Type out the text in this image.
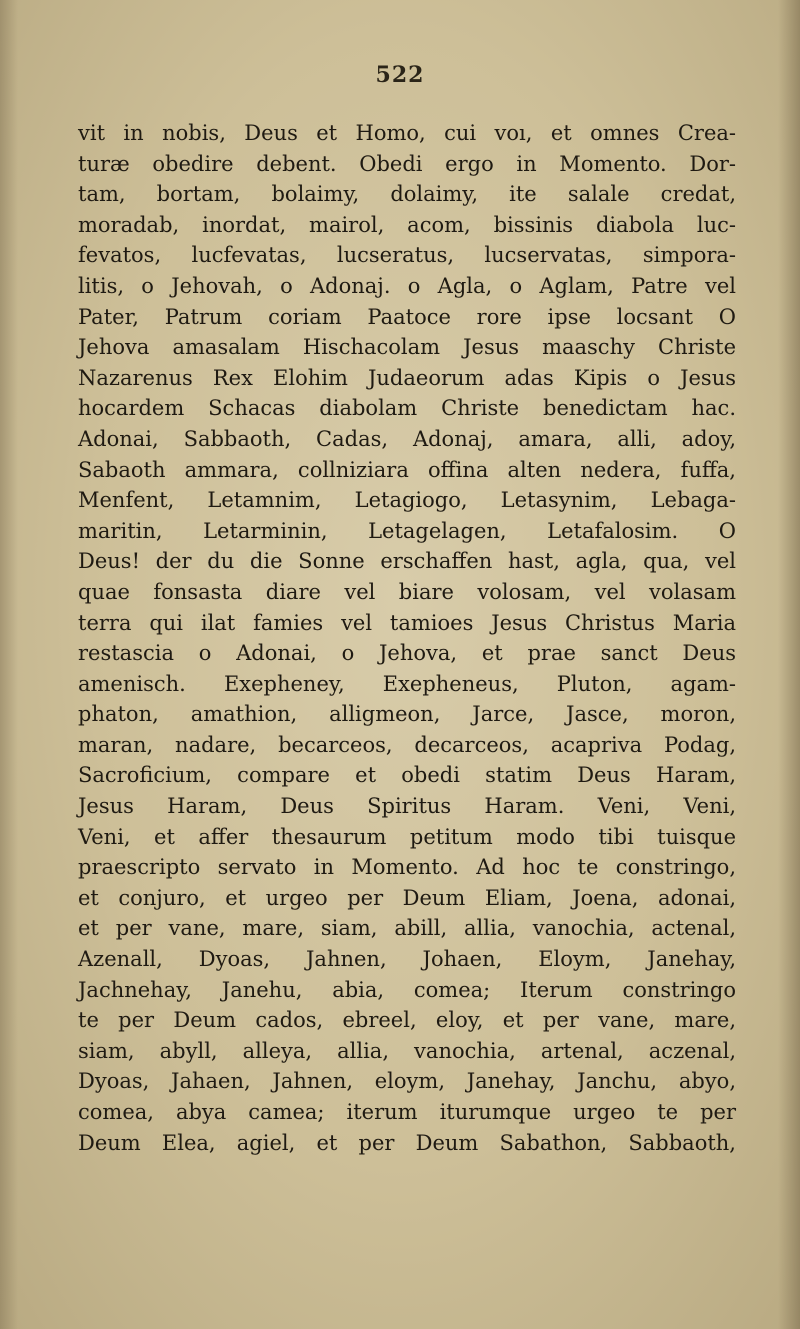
522
vit in nobis, Deus et Homo, cui voı, et omnes Crea-
turæ obedire debent. Obedi ergo in Momento. Dor-
tam, bortam, bolaimy, dolaimy, ite salale credat,
moradab, inordat, mairol, acom, bissinis diabola luc-
fevatos, lucfevatas, lucseratus, lucservatas, simpora-
litis, o Jehovah, o Adonaj. o Agla, o Aglam, Patre vel
Pater, Patrum coriam Paatoce rore ipse locsant O
Jehova amasalam Hischacolam Jesus maaschy Christe
Nazarenus Rex Elohim Judaeorum adas Kipis o Jesus
hocardem Schacas diabolam Christe benedictam hac.
Adonai, Sabbaoth, Cadas, Adonaj, amara, alli, adoy,
Sabaoth ammara, collniziara offina alten nedera, fuffa,
Menfent, Letamnim, Letagiogo, Letasynim, Lebaga-
maritin, Letarminin, Letagelagen, Letafalosim. O
Deus! der du die Sonne erschaffen hast, agla, qua, vel
quae fonsasta diare vel biare volosam, vel volasam
terra qui ilat famies vel tamioes Jesus Christus Maria
restascia o Adonai, o Jehova, et prae sanct Deus
amenisch. Exepheney, Exepheneus, Pluton, agam-
phaton, amathion, alligmeon, Jarce, Jasce, moron,
maran, nadare, becarceos, decarceos, acapriva Podag,
Sacroficium, compare et obedi statim Deus Haram,
Jesus Haram, Deus Spiritus Haram. Veni, Veni,
Veni, et affer thesaurum petitum modo tibi tuisque
praescripto servato in Momento. Ad hoc te constringo,
et conjuro, et urgeo per Deum Eliam, Joena, adonai,
et per vane, mare, siam, abill, allia, vanochia, actenal,
Azenall, Dyoas, Jahnen, Johaen, Eloym, Janehay,
Jachnehay, Janehu, abia, comea; Iterum constringo
te per Deum cados, ebreel, eloy, et per vane, mare,
siam, abyll, alleya, allia, vanochia, artenal, aczenal,
Dyoas, Jahaen, Jahnen, eloym, Janehay, Janchu, abyo,
comea, abya camea; iterum iturumque urgeo te per
Deum Elea, agiel, et per Deum Sabathon, Sabbaoth,
